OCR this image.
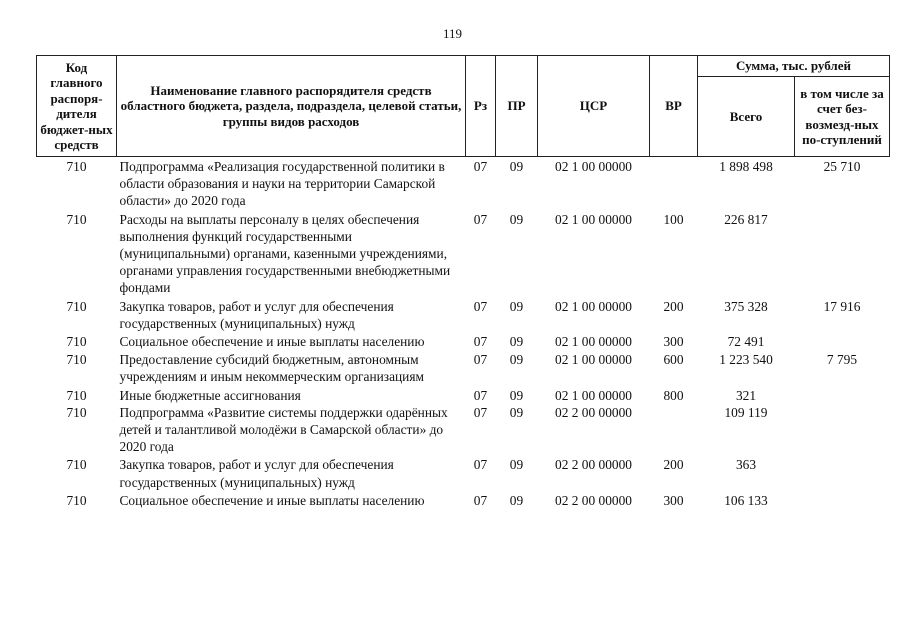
119
Код главного распоря-дителя бюджет-ных средств	Наименование главного распорядителя средств областного бюджета, раздела, подраздела, целевой статьи, группы видов расходов	Рз	ПР	ЦСР	ВР	Сумма, тыс. рублей	
						Всего	в том числе за счет без-возмезд-ных по-ступлений
710	Подпрограмма «Реализация государственной политики в области образования и науки на территории Самарской области» до 2020 года	07	09	02 1 00 00000		1 898 498	25 710
710	Расходы на выплаты персоналу в целях обеспечения выполнения функций государственными (муниципальными) органами, казенными учреждениями, органами управления государственными внебюджетными фондами	07	09	02 1 00 00000	100	226 817	
710	Закупка товаров, работ и услуг для обеспечения государственных (муниципальных) нужд	07	09	02 1 00 00000	200	375 328	17 916
710	Социальное обеспечение и иные выплаты населению	07	09	02 1 00 00000	300	72 491	
710	Предоставление субсидий бюджетным, автономным учреждениям и иным некоммерческим организациям	07	09	02 1 00 00000	600	1 223 540	7 795
710	Иные бюджетные ассигнования	07	09	02 1 00 00000	800	321	
710	Подпрограмма «Развитие системы поддержки одарённых детей и талантливой молодёжи в Самарской области» до 2020 года	07	09	02 2 00 00000		109 119	
710	Закупка товаров, работ и услуг для обеспечения государственных (муниципальных) нужд	07	09	02 2 00 00000	200	363	
710	Социальное обеспечение и иные выплаты населению	07	09	02 2 00 00000	300	106 133	
